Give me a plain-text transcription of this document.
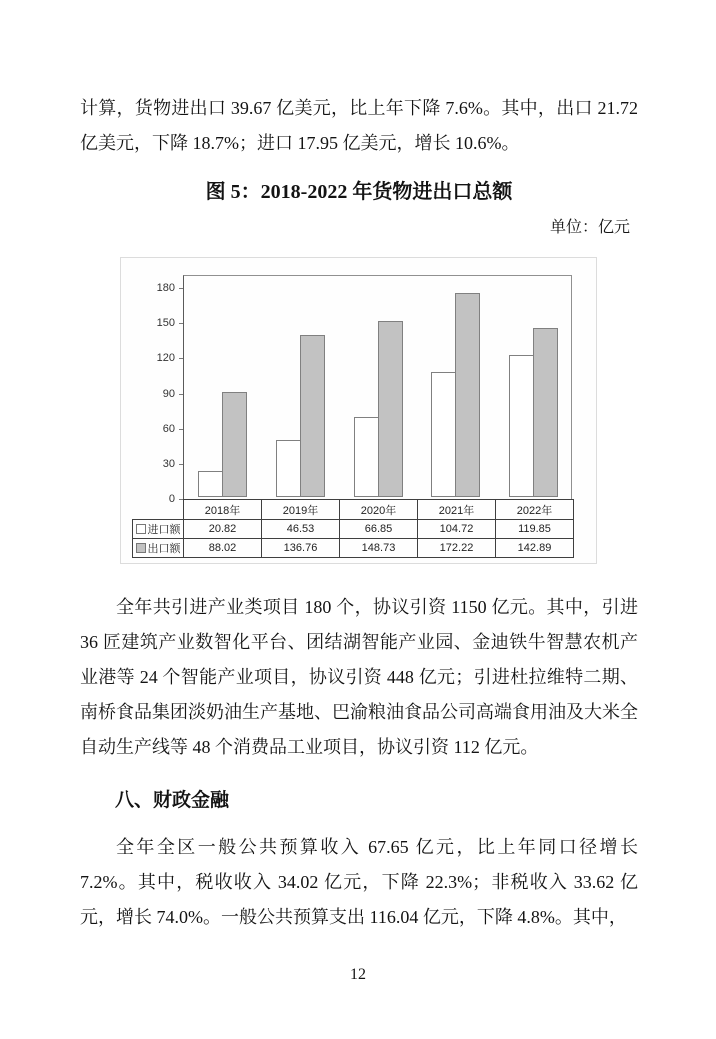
计算，货物进出口 39.67 亿美元，比上年下降 7.6%。其中，出口 21.72 亿美元，下降 18.7%；进口 17.95 亿美元，增长 10.6%。

图 5：2018-2022 年货物进出口总额
单位：亿元
	2018年	2019年	2020年	2021年	2022年
进口额	20.82	46.53	66.85	104.72	119.85
出口额	88.02	136.76	148.73	172.22	142.89
0
30
60
90
120
150
180

全年共引进产业类项目 180 个，协议引资 1150 亿元。其中，引进 36 匠建筑产业数智化平台、团结湖智能产业园、金迪铁牛智慧农机产业港等 24 个智能产业项目，协议引资 448 亿元；引进杜拉维特二期、南桥食品集团淡奶油生产基地、巴渝粮油食品公司高端食用油及大米全自动生产线等 48 个消费品工业项目，协议引资 112 亿元。

八、财政金融

全年全区一般公共预算收入 67.65 亿元，比上年同口径增长 7.2%。其中，税收收入 34.02 亿元，下降 22.3%；非税收入 33.62 亿元，增长 74.0%。一般公共预算支出 116.04 亿元，下降 4.8%。其中，

12
